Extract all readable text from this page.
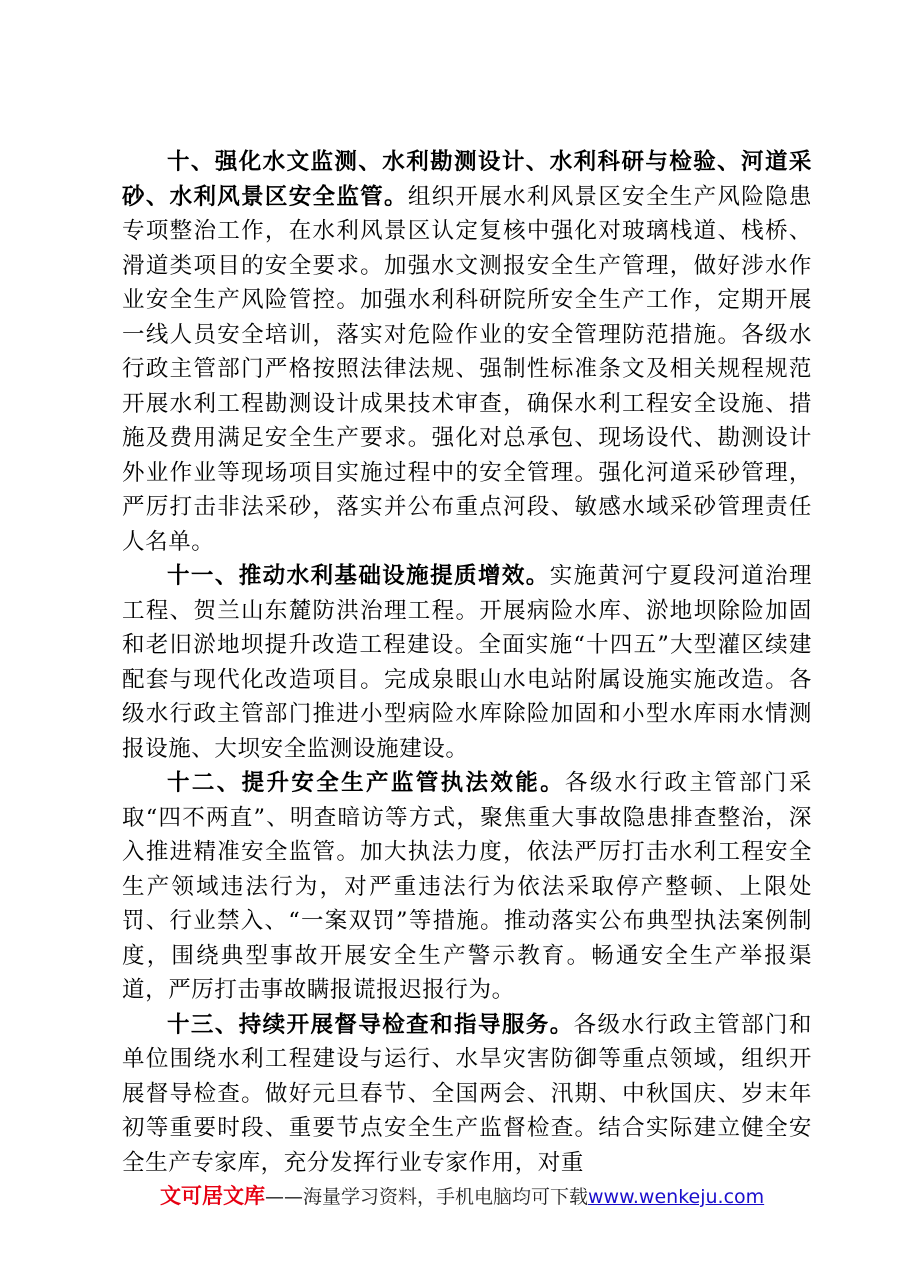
十、强化水文监测、水利勘测设计、水利科研与检验、河道采砂、水利风景区安全监管。组织开展水利风景区安全生产风险隐患专项整治工作，在水利风景区认定复核中强化对玻璃栈道、栈桥、滑道类项目的安全要求。加强水文测报安全生产管理，做好涉水作业安全生产风险管控。加强水利科研院所安全生产工作，定期开展一线人员安全培训，落实对危险作业的安全管理防范措施。各级水行政主管部门严格按照法律法规、强制性标准条文及相关规程规范开展水利工程勘测设计成果技术审查，确保水利工程安全设施、措施及费用满足安全生产要求。强化对总承包、现场设代、勘测设计外业作业等现场项目实施过程中的安全管理。强化河道采砂管理，严厉打击非法采砂，落实并公布重点河段、敏感水域采砂管理责任人名单。

十一、推动水利基础设施提质增效。实施黄河宁夏段河道治理工程、贺兰山东麓防洪治理工程。开展病险水库、淤地坝除险加固和老旧淤地坝提升改造工程建设。全面实施“十四五”大型灌区续建配套与现代化改造项目。完成泉眼山水电站附属设施实施改造。各级水行政主管部门推进小型病险水库除险加固和小型水库雨水情测报设施、大坝安全监测设施建设。

十二、提升安全生产监管执法效能。各级水行政主管部门采取“四不两直”、明查暗访等方式，聚焦重大事故隐患排查整治，深入推进精准安全监管。加大执法力度，依法严厉打击水利工程安全生产领域违法行为，对严重违法行为依法采取停产整顿、上限处罚、行业禁入、“一案双罚”等措施。推动落实公布典型执法案例制度，围绕典型事故开展安全生产警示教育。畅通安全生产举报渠道，严厉打击事故瞒报谎报迟报行为。

十三、持续开展督导检查和指导服务。各级水行政主管部门和单位围绕水利工程建设与运行、水旱灾害防御等重点领域，组织开展督导检查。做好元旦春节、全国两会、汛期、中秋国庆、岁末年初等重要时段、重要节点安全生产监督检查。结合实际建立健全安全生产专家库，充分发挥行业专家作用，对重

文可居文库——海量学习资料，手机电脑均可下载www.wenkeju.com
